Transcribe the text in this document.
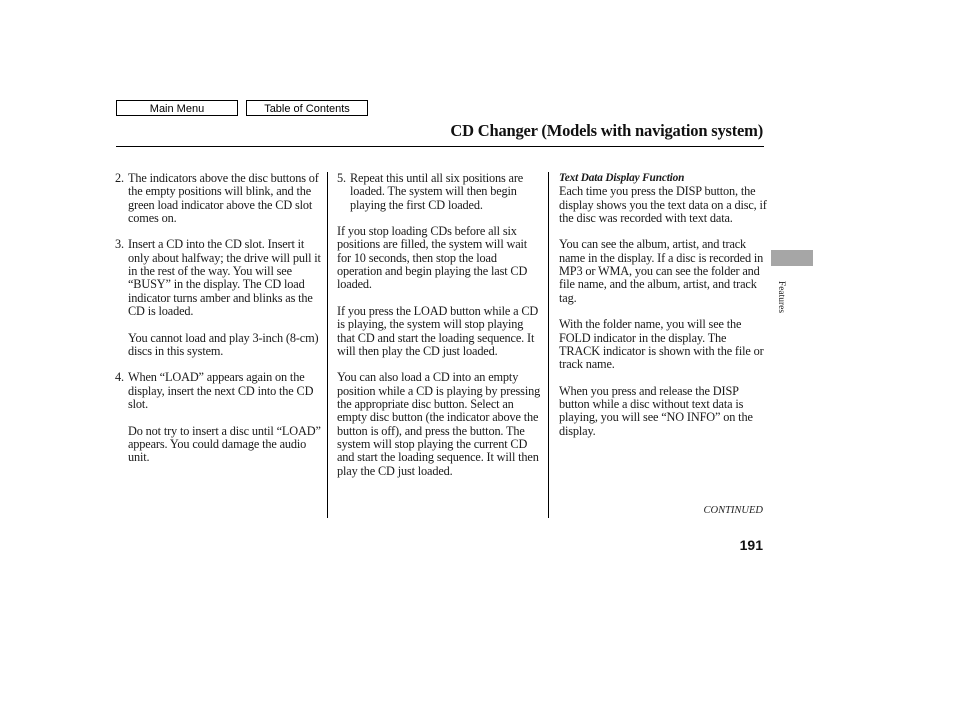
Main Menu	Table of Contents
CD Changer (Models with navigation system)
2. The indicators above the disc buttons of the empty positions will blink, and the green load indicator above the CD slot comes on.
3. Insert a CD into the CD slot. Insert it only about halfway; the drive will pull it in the rest of the way. You will see “BUSY” in the display. The CD load indicator turns amber and blinks as the CD is loaded.

You cannot load and play 3-inch (8-cm) discs in this system.

4. When “LOAD” appears again on the display, insert the next CD into the CD slot.

Do not try to insert a disc until “LOAD” appears. You could damage the audio unit.

5. Repeat this until all six positions are loaded. The system will then begin playing the first CD loaded.

If you stop loading CDs before all six positions are filled, the system will wait for 10 seconds, then stop the load operation and begin playing the last CD loaded.

If you press the LOAD button while a CD is playing, the system will stop playing that CD and start the loading sequence. It will then play the CD just loaded.

You can also load a CD into an empty position while a CD is playing by pressing the appropriate disc button. Select an empty disc button (the indicator above the button is off), and press the button. The system will stop playing the current CD and start the loading sequence. It will then play the CD just loaded.

Text Data Display Function

Each time you press the DISP button, the display shows you the text data on a disc, if the disc was recorded with text data.

You can see the album, artist, and track name in the display. If a disc is recorded in MP3 or WMA, you can see the folder and file name, and the album, artist, and track tag.

With the folder name, you will see the FOLD indicator in the display. The TRACK indicator is shown with the file or track name.

When you press and release the DISP button while a disc without text data is playing, you will see “NO INFO” on the display.

Features
CONTINUED
191
